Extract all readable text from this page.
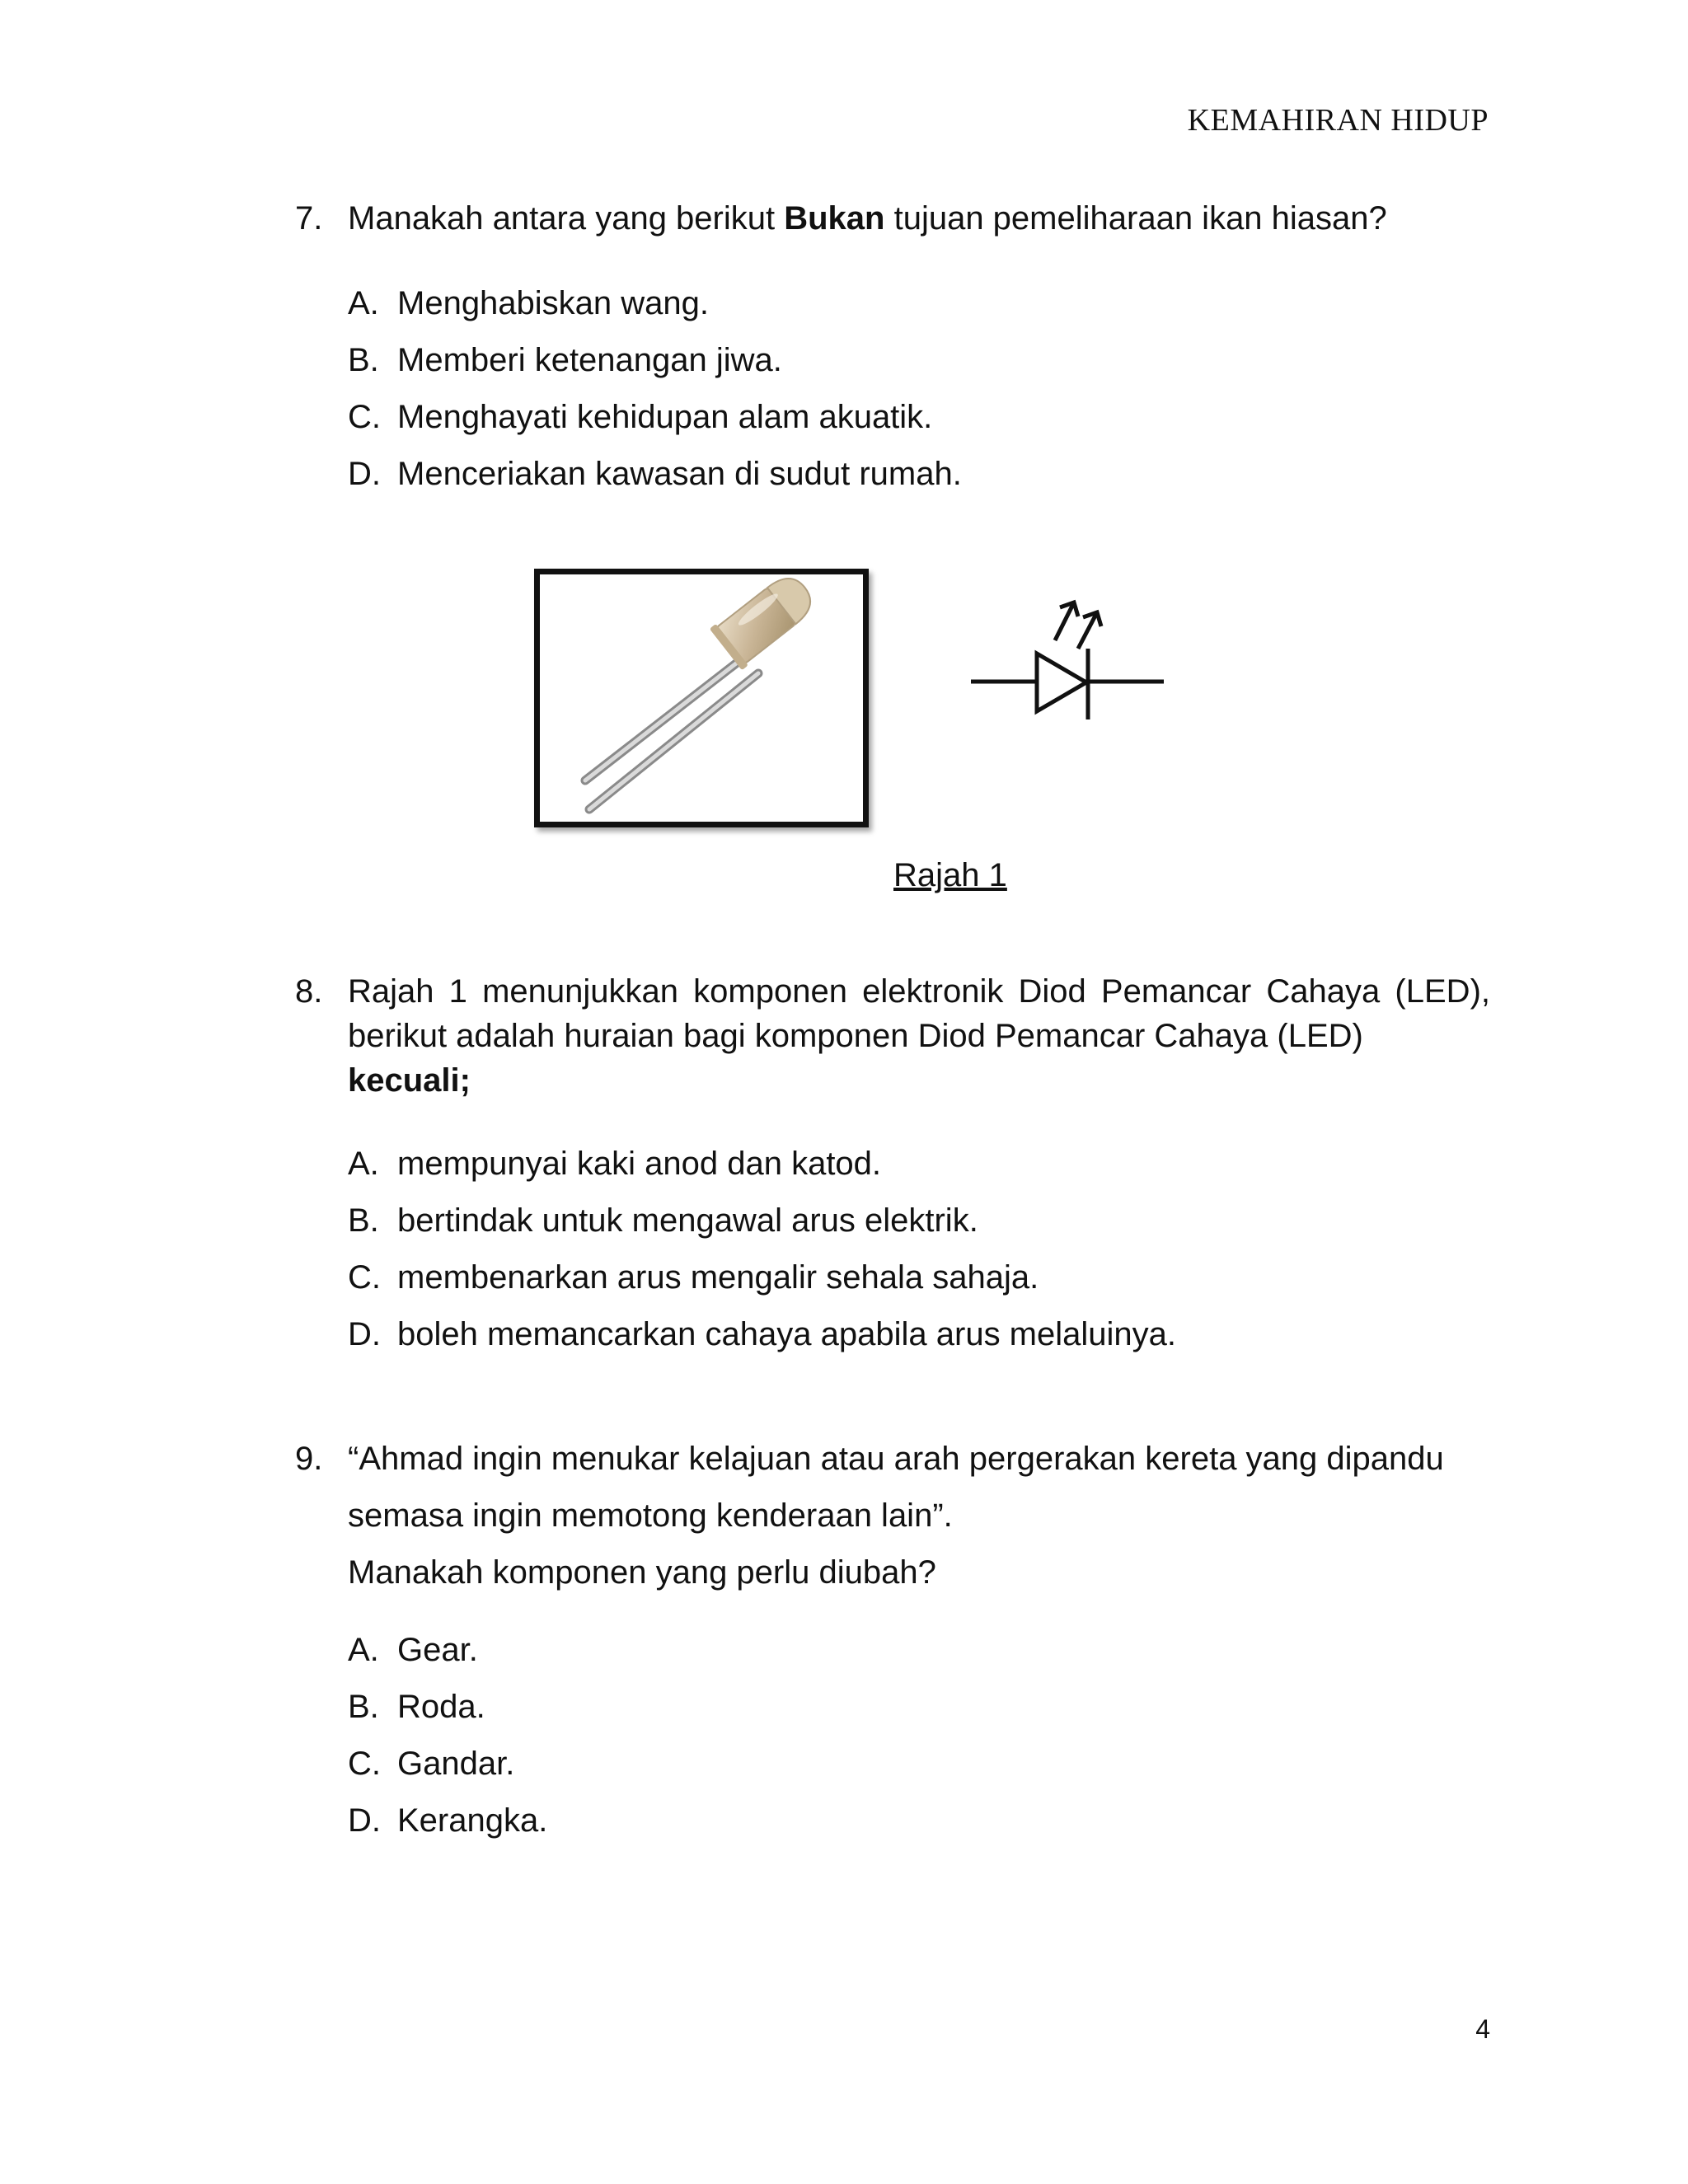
KEMAHIRAN HIDUP
7. Manakah antara yang berikut Bukan tujuan pemeliharaan ikan hiasan?
A. Menghabiskan wang.
B. Memberi ketenangan jiwa.
C. Menghayati kehidupan alam akuatik.
D. Menceriakan kawasan di sudut rumah.
Rajah 1
8. Rajah 1 menunjukkan komponen elektronik Diod Pemancar Cahaya (LED), berikut adalah huraian bagi komponen Diod Pemancar Cahaya (LED)
kecuali;
A. mempunyai kaki anod dan katod.
B. bertindak untuk mengawal arus elektrik.
C. membenarkan arus mengalir sehala sahaja.
D. boleh memancarkan cahaya apabila arus melaluinya.
9. “Ahmad ingin menukar kelajuan atau arah pergerakan kereta yang dipandu
semasa ingin memotong kenderaan lain”.
Manakah komponen yang perlu diubah?
A. Gear.
B. Roda.
C. Gandar.
D. Kerangka.
4
